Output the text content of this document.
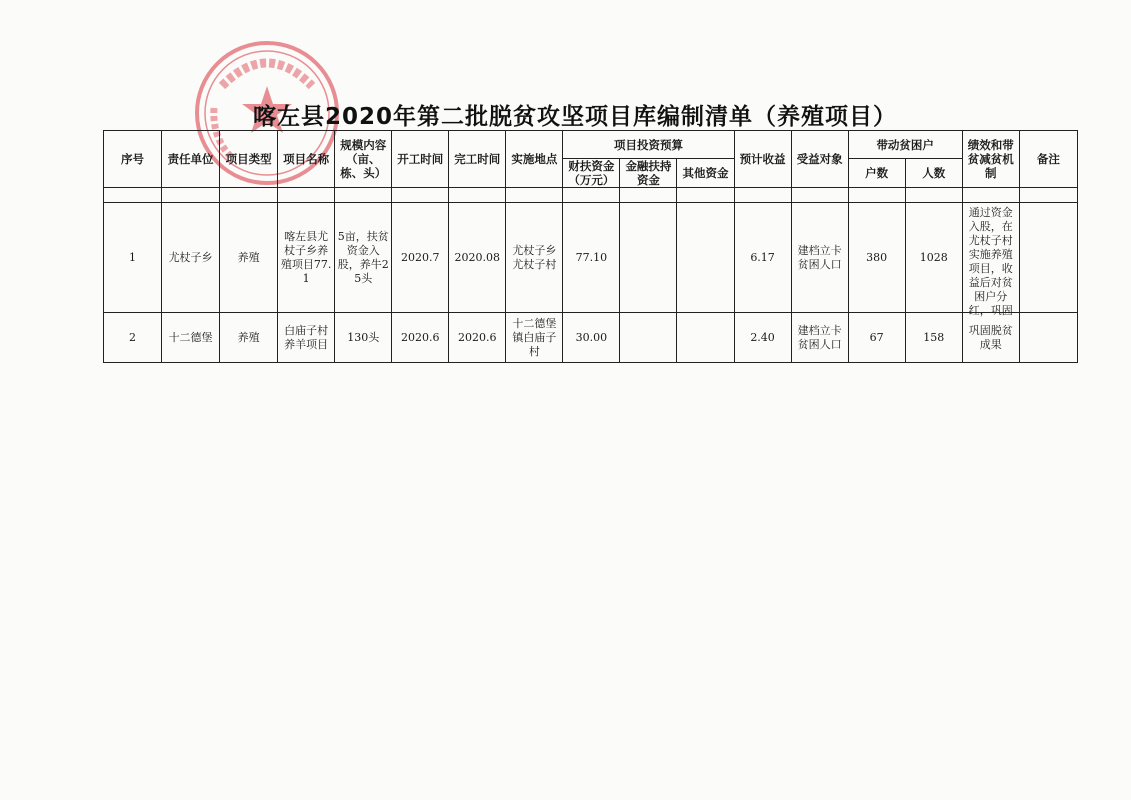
喀左县2020年第二批脱贫攻坚项目库编制清单（养殖项目）
序号	责任单位	项目类型	项目名称	规模内容（亩、栋、头）	开工时间	完工时间	实施地点	项目投资预算			预计收益	受益对象	带动贫困户		绩效和带贫减贫机制	备注
								财扶资金（万元）	金融扶持资金	其他资金			户数	人数		

1	尤杖子乡	养殖	喀左县尤杖子乡养殖项目77.1	5亩，扶贫资金入股，养牛25头	2020.7	2020.08	尤杖子乡尤杖子村	77.10			6.17	建档立卡贫困人口	380	1028	通过资金入股，在尤杖子村实施养殖项目，收益后对贫困户分红，巩固	

2	十二德堡	养殖	白庙子村养羊项目	130头	2020.6	2020.6	十二德堡镇白庙子村	30.00			2.40	建档立卡贫困人口	67	158	巩固脱贫成果	
